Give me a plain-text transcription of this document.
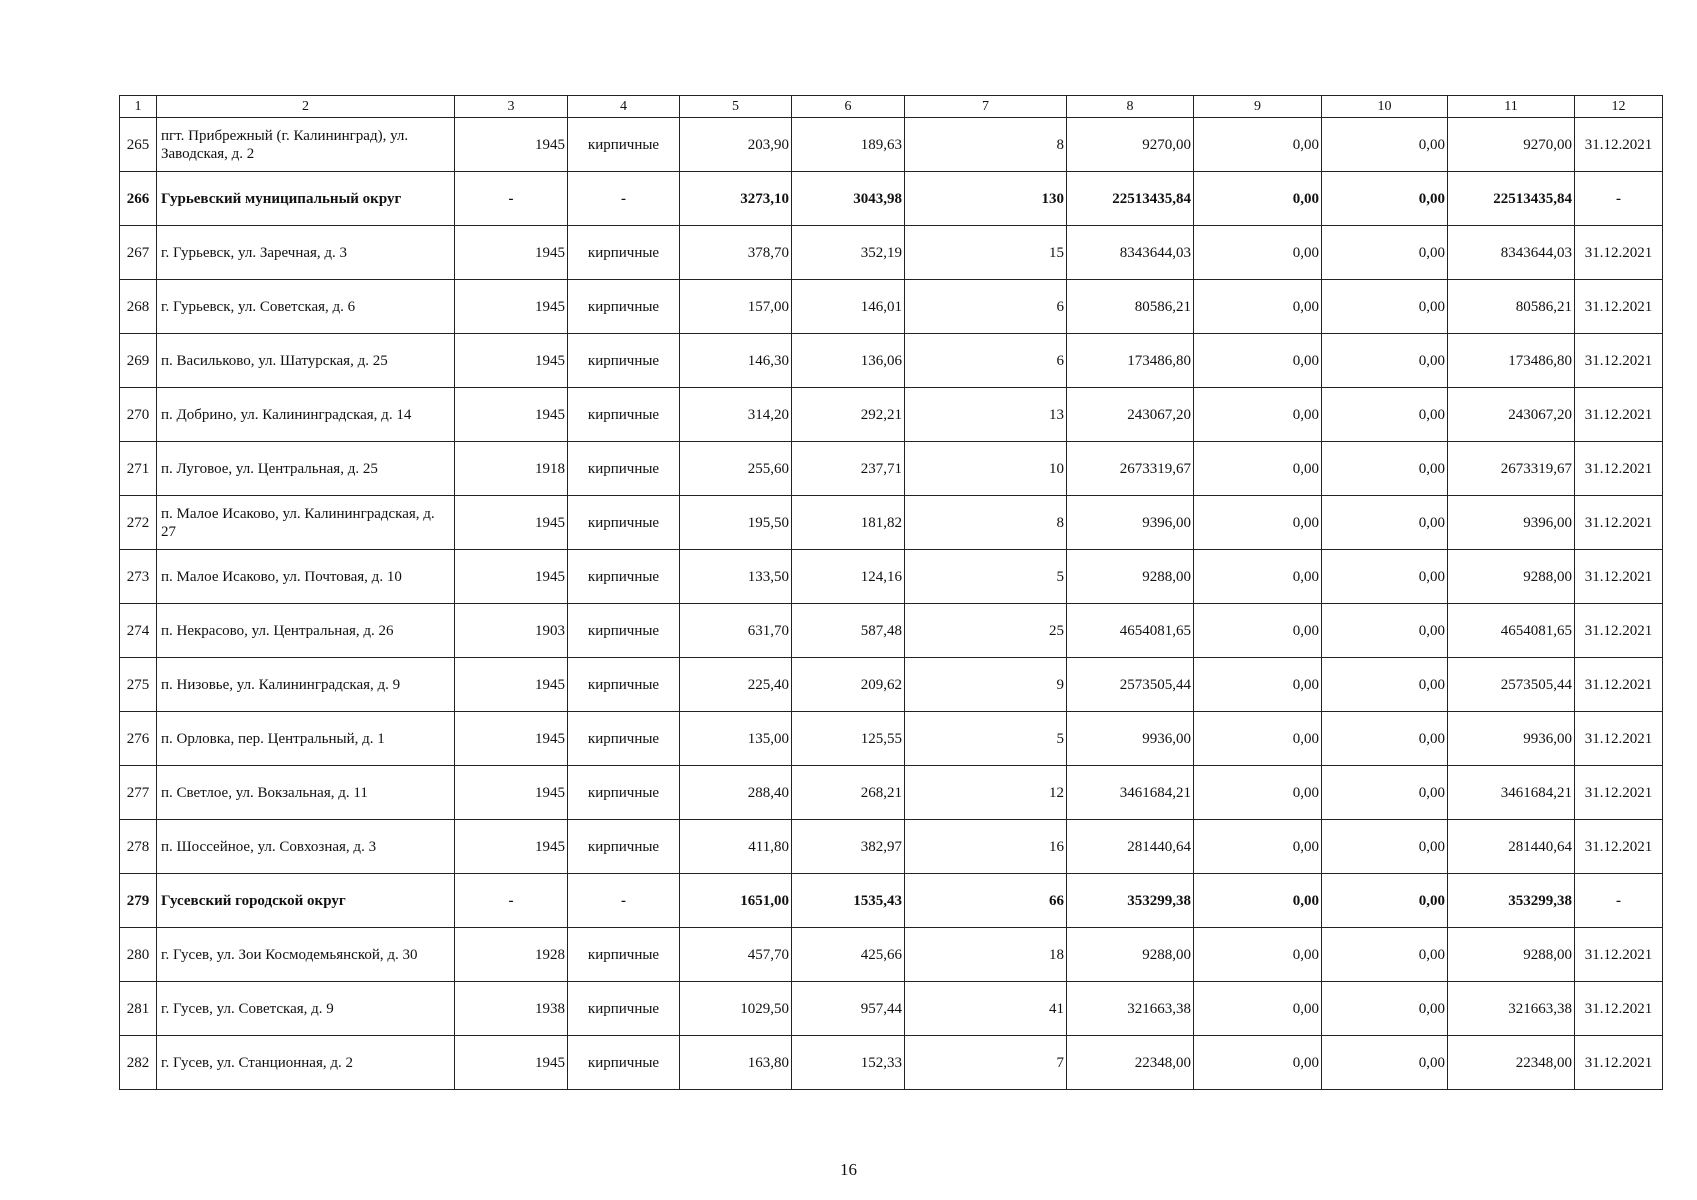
1	2	3	4	5	6	7	8	9	10	11	12
265	пгт. Прибрежный (г. Калининград), ул. Заводская, д. 2	1945	кирпичные	203,90	189,63	8	9270,00	0,00	0,00	9270,00	31.12.2021
266	Гурьевский муниципальный округ	-	-	3273,10	3043,98	130	22513435,84	0,00	0,00	22513435,84	-
267	г. Гурьевск, ул. Заречная, д. 3	1945	кирпичные	378,70	352,19	15	8343644,03	0,00	0,00	8343644,03	31.12.2021
268	г. Гурьевск, ул. Советская, д. 6	1945	кирпичные	157,00	146,01	6	80586,21	0,00	0,00	80586,21	31.12.2021
269	п. Васильково, ул. Шатурская, д. 25	1945	кирпичные	146,30	136,06	6	173486,80	0,00	0,00	173486,80	31.12.2021
270	п. Добрино, ул. Калининградская, д. 14	1945	кирпичные	314,20	292,21	13	243067,20	0,00	0,00	243067,20	31.12.2021
271	п. Луговое, ул. Центральная, д. 25	1918	кирпичные	255,60	237,71	10	2673319,67	0,00	0,00	2673319,67	31.12.2021
272	п. Малое Исаково, ул. Калининградская, д. 27	1945	кирпичные	195,50	181,82	8	9396,00	0,00	0,00	9396,00	31.12.2021
273	п. Малое Исаково, ул. Почтовая, д. 10	1945	кирпичные	133,50	124,16	5	9288,00	0,00	0,00	9288,00	31.12.2021
274	п. Некрасово, ул. Центральная, д. 26	1903	кирпичные	631,70	587,48	25	4654081,65	0,00	0,00	4654081,65	31.12.2021
275	п. Низовье, ул. Калининградская, д. 9	1945	кирпичные	225,40	209,62	9	2573505,44	0,00	0,00	2573505,44	31.12.2021
276	п. Орловка, пер. Центральный, д. 1	1945	кирпичные	135,00	125,55	5	9936,00	0,00	0,00	9936,00	31.12.2021
277	п. Светлое, ул. Вокзальная, д. 11	1945	кирпичные	288,40	268,21	12	3461684,21	0,00	0,00	3461684,21	31.12.2021
278	п. Шоссейное, ул. Совхозная, д. 3	1945	кирпичные	411,80	382,97	16	281440,64	0,00	0,00	281440,64	31.12.2021
279	Гусевский городской округ	-	-	1651,00	1535,43	66	353299,38	0,00	0,00	353299,38	-
280	г. Гусев, ул. Зои Космодемьянской, д. 30	1928	кирпичные	457,70	425,66	18	9288,00	0,00	0,00	9288,00	31.12.2021
281	г. Гусев, ул. Советская, д. 9	1938	кирпичные	1029,50	957,44	41	321663,38	0,00	0,00	321663,38	31.12.2021
282	г. Гусев, ул. Станционная, д. 2	1945	кирпичные	163,80	152,33	7	22348,00	0,00	0,00	22348,00	31.12.2021
16
